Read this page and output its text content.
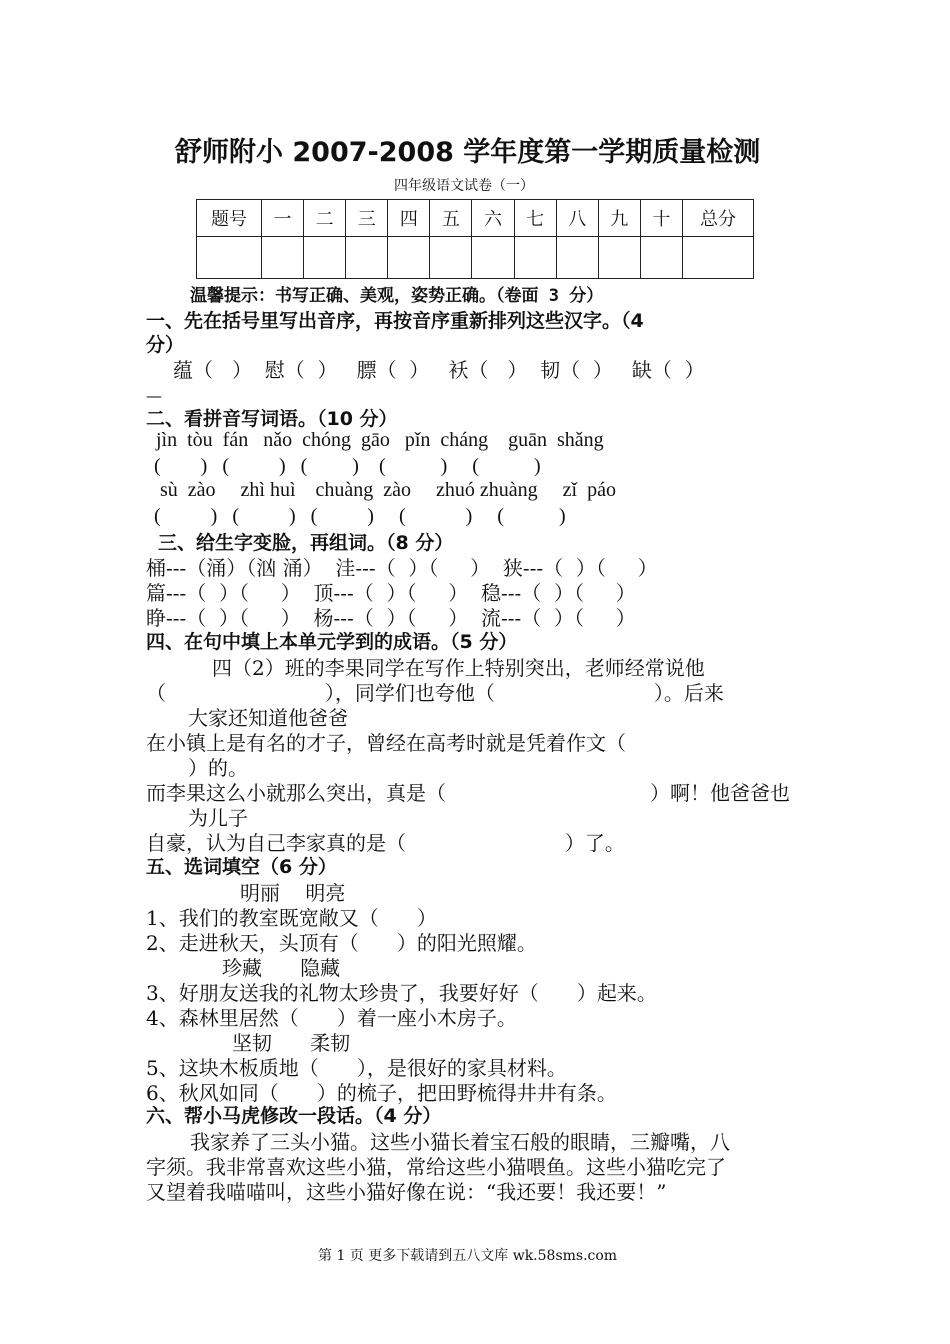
舒师附小 2007-2008 学年度第一学期质量检测
四年级语文试卷（一）
题号	一	二	三	四	五	六	七	八	九	十	总分

温馨提示：书写正确、美观，姿势正确。（卷面 3 分）
一、先在括号里写出音序，再按音序重新排列这些汉字。（4
分）
蕴（   ）  慰（  ）   膘（  ）   袄（   ）  韧（  ）   缺（  ）
—
二、看拼音写词语。（10 分）
jìn  tòu  fán   nǎo  chóng  gāo   pǐn  cháng    guān  shǎng
(        )   (          )   (         )    (           )     (           )
sù  zào     zhì huì    chuàng  zào     zhuó zhuàng     zǐ  páo
(          )   (          )   (          )     (            )     (           )
三、给生字变脸，再组词。（8 分）
桶---（涌）（汹 涌）  洼---（  ）（     ）  狭---（  ）（     ）
篇---（  ）（     ）  顶---（  ）（     ）  稳---（  ）（     ）
睁---（  ）（     ）  杨---（  ）（     ）  流---（  ）（     ）
四、在句中填上本单元学到的成语。（5 分）
四（2）班的李果同学在写作上特别突出，老师经常说他
（                         ），同学们也夸他（                         ）。后来
大家还知道他爸爸
在小镇上是有名的才子，曾经在高考时就是凭着作文（
）的。
而李果这么小就那么突出，真是（	）啊！他爸爸也
为儿子
自豪，认为自己李家真的是（                         ）了。
五、选词填空（6 分）
明丽    明亮
1、我们的教室既宽敞又（      ）
2、走进秋天，头顶有（      ）的阳光照耀。
珍藏      隐藏
3、好朋友送我的礼物太珍贵了，我要好好（      ）起来。
4、森林里居然（      ）着一座小木房子。
坚韧      柔韧
5、这块木板质地（      ），是很好的家具材料。
6、秋风如同（      ）的梳子，把田野梳得井井有条。
六、帮小马虎修改一段话。（4 分）
我家养了三头小猫。这些小猫长着宝石般的眼睛，三瓣嘴，八
字须。我非常喜欢这些小猫，常给这些小猫喂鱼。这些小猫吃完了
又望着我喵喵叫，这些小猫好像在说：“我还要！我还要！”
第 1 页 更多下载请到五八文库 wk.58sms.com
